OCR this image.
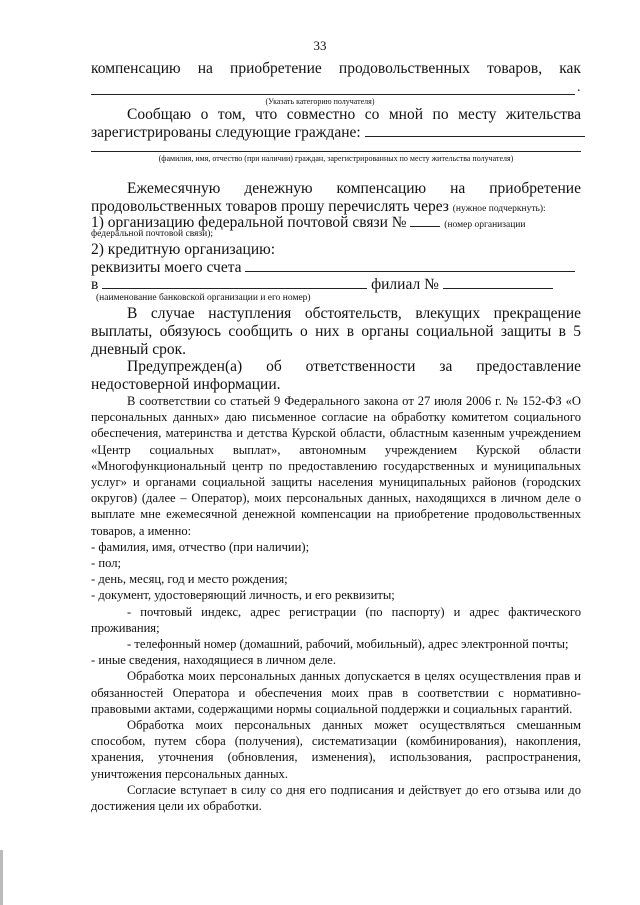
33
компенсацию на приобретение продовольственных товаров, как
.
(Указать категорию получателя)
Сообщаю о том, что совместно со мной по месту жительства
зарегистрированы следующие граждане:
(фамилия, имя, отчество (при наличии) граждан, зарегистрированных по месту жительства получателя)
Ежемесячную денежную компенсацию на приобретение
продовольственных товаров прошу перечислять через (нужное подчеркнуть):
1) организацию федеральной почтовой связи №	(номер организации
федеральной почтовой связи);
2) кредитную организацию:
реквизиты моего счета
в	филиал №
(наименование банковской организации и его номер)
В случае наступления обстоятельств, влекущих прекращение
выплаты, обязуюсь сообщить о них в органы социальной защиты в 5
дневный срок.
Предупрежден(а) об ответственности за предоставление
недостоверной информации.

В соответствии со статьей 9 Федерального закона от 27 июля 2006 г. № 152-ФЗ «О персональных данных» даю письменное согласие на обработку комитетом социального обеспечения, материнства и детства Курской области, областным казенным учреждением «Центр социальных выплат», автономным учреждением Курской области «Многофункциональный центр по предоставлению государственных и муниципальных услуг» и органами социальной защиты населения муниципальных районов (городских округов) (далее – Оператор), моих персональных данных, находящихся в личном деле о выплате мне ежемесячной денежной компенсации на приобретение продовольственных товаров, а именно:

- фамилия, имя, отчество (при наличии);

- пол;

- день, месяц, год и место рождения;

- документ, удостоверяющий личность, и его реквизиты;

- почтовый индекс, адрес регистрации (по паспорту) и адрес фактического проживания;

- телефонный номер (домашний, рабочий, мобильный), адрес электронной почты;

- иные сведения, находящиеся в личном деле.

Обработка моих персональных данных допускается в целях осуществления прав и обязанностей Оператора и обеспечения моих прав в соответствии с нормативно-правовыми актами, содержащими нормы социальной поддержки и социальных гарантий.

Обработка моих персональных данных может осуществляться смешанным способом, путем сбора (получения), систематизации (комбинирования), накопления, хранения, уточнения (обновления, изменения), использования, распространения, уничтожения персональных данных.

Согласие вступает в силу со дня его подписания и действует до его отзыва или до достижения цели их обработки.
